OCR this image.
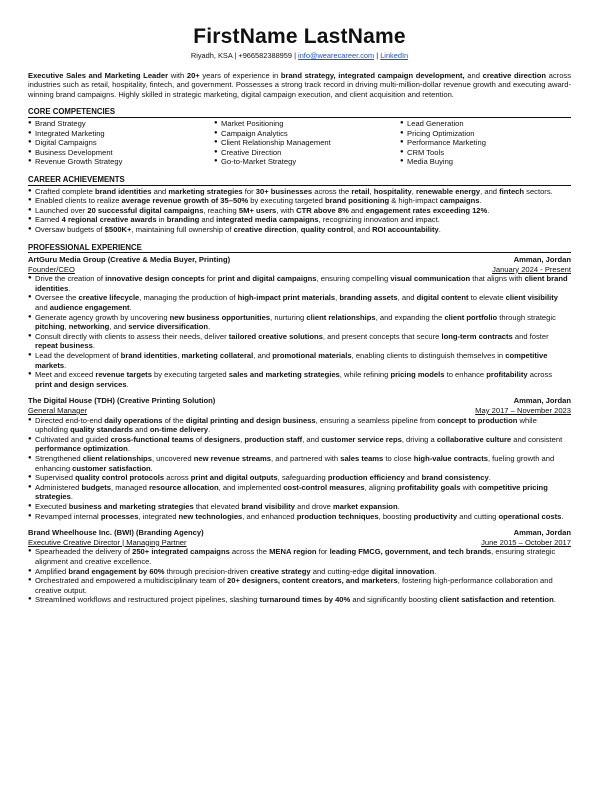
FirstName LastName
Riyadh, KSA | +966582388959 | info@wearecareer.com | LinkedIn
Executive Sales and Marketing Leader with 20+ years of experience in brand strategy, integrated campaign development, and creative direction across industries such as retail, hospitality, fintech, and government. Possesses a strong track record in driving multi-million-dollar revenue growth and executing award-winning brand campaigns. Highly skilled in strategic marketing, digital campaign execution, and client acquisition and retention.
CORE COMPETENCIES
● Brand Strategy
● Integrated Marketing
● Digital Campaigns
● Business Development
● Revenue Growth Strategy
● Market Positioning
● Campaign Analytics
● Client Relationship Management
● Creative Direction
● Go-to-Market Strategy
● Lead Generation
● Pricing Optimization
● Performance Marketing
● CRM Tools
● Media Buying
CAREER ACHIEVEMENTS
● Crafted complete brand identities and marketing strategies for 30+ businesses across the retail, hospitality, renewable energy, and fintech sectors.
● Enabled clients to realize average revenue growth of 35–50% by executing targeted brand positioning & high-impact campaigns.
● Launched over 20 successful digital campaigns, reaching 5M+ users, with CTR above 8% and engagement rates exceeding 12%.
● Earned 4 regional creative awards in branding and integrated media campaigns, recognizing innovation and impact.
● Oversaw budgets of $500K+, maintaining full ownership of creative direction, quality control, and ROI accountability.
PROFESSIONAL EXPERIENCE
ArtGuru Media Group (Creative & Media Buyer, Printing)	Amman, Jordan
Founder/CEO	January 2024 - Present
● Drive the creation of innovative design concepts for print and digital campaigns, ensuring compelling visual communication that aligns with client brand identities.
● Oversee the creative lifecycle, managing the production of high-impact print materials, branding assets, and digital content to elevate client visibility and audience engagement.
● Generate agency growth by uncovering new business opportunities, nurturing client relationships, and expanding the client portfolio through strategic pitching, networking, and service diversification.
● Consult directly with clients to assess their needs, deliver tailored creative solutions, and present concepts that secure long-term contracts and foster repeat business.
● Lead the development of brand identities, marketing collateral, and promotional materials, enabling clients to distinguish themselves in competitive markets.
● Meet and exceed revenue targets by executing targeted sales and marketing strategies, while refining pricing models to enhance profitability across print and design services.
The Digital House (TDH) (Creative Printing Solution)	Amman, Jordan
General Manager	May 2017 – November 2023
● Directed end-to-end daily operations of the digital printing and design business, ensuring a seamless pipeline from concept to production while upholding quality standards and on-time delivery.
● Cultivated and guided cross-functional teams of designers, production staff, and customer service reps, driving a collaborative culture and consistent performance optimization.
● Strengthened client relationships, uncovered new revenue streams, and partnered with sales teams to close high-value contracts, fueling growth and enhancing customer satisfaction.
● Supervised quality control protocols across print and digital outputs, safeguarding production efficiency and brand consistency.
● Administered budgets, managed resource allocation, and implemented cost-control measures, aligning profitability goals with competitive pricing strategies.
● Executed business and marketing strategies that elevated brand visibility and drove market expansion.
● Revamped internal processes, integrated new technologies, and enhanced production techniques, boosting productivity and cutting operational costs.
Brand Wheelhouse Inc. (BWI) (Branding Agency)	Amman, Jordan
Executive Creative Director | Managing Partner	June 2015 – October 2017
● Spearheaded the delivery of 250+ integrated campaigns across the MENA region for leading FMCG, government, and tech brands, ensuring strategic alignment and creative excellence.
● Amplified brand engagement by 60% through precision-driven creative strategy and cutting-edge digital innovation.
● Orchestrated and empowered a multidisciplinary team of 20+ designers, content creators, and marketers, fostering high-performance collaboration and creative output.
● Streamlined workflows and restructured project pipelines, slashing turnaround times by 40% and significantly boosting client satisfaction and retention.
